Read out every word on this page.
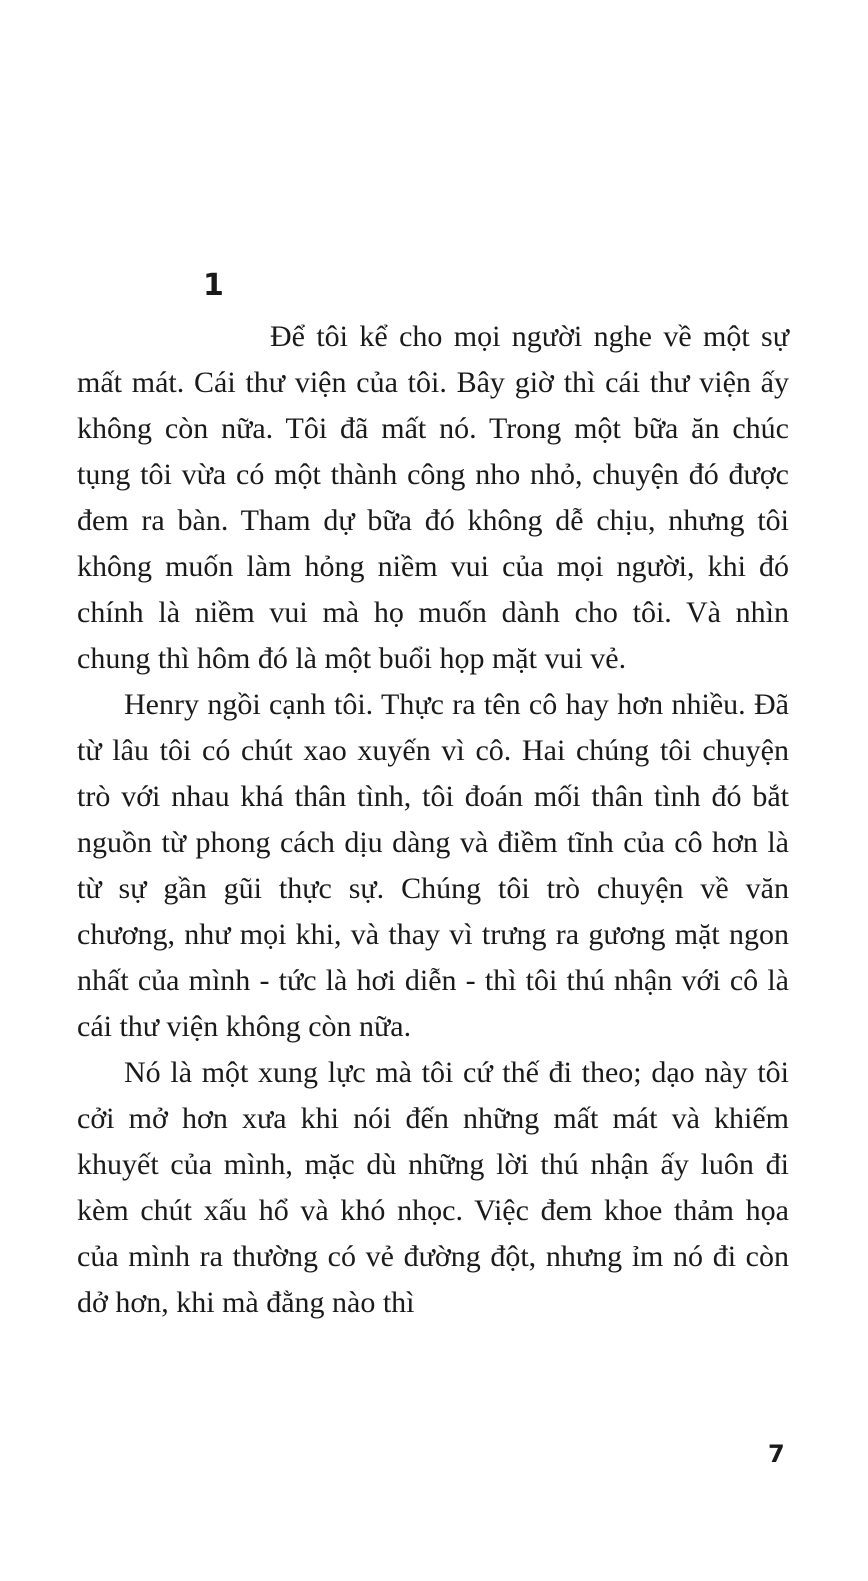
1

Để tôi kể cho mọi người nghe về một sự mất mát. Cái thư viện của tôi. Bây giờ thì cái thư viện ấy không còn nữa. Tôi đã mất nó. Trong một bữa ăn chúc tụng tôi vừa có một thành công nho nhỏ, chuyện đó được đem ra bàn. Tham dự bữa đó không dễ chịu, nhưng tôi không muốn làm hỏng niềm vui của mọi người, khi đó chính là niềm vui mà họ muốn dành cho tôi. Và nhìn chung thì hôm đó là một buổi họp mặt vui vẻ.

Henry ngồi cạnh tôi. Thực ra tên cô hay hơn nhiều. Đã từ lâu tôi có chút xao xuyến vì cô. Hai chúng tôi chuyện trò với nhau khá thân tình, tôi đoán mối thân tình đó bắt nguồn từ phong cách dịu dàng và điềm tĩnh của cô hơn là từ sự gần gũi thực sự. Chúng tôi trò chuyện về văn chương, như mọi khi, và thay vì trưng ra gương mặt ngon nhất của mình - tức là hơi diễn - thì tôi thú nhận với cô là cái thư viện không còn nữa.

Nó là một xung lực mà tôi cứ thế đi theo; dạo này tôi cởi mở hơn xưa khi nói đến những mất mát và khiếm khuyết của mình, mặc dù những lời thú nhận ấy luôn đi kèm chút xấu hổ và khó nhọc. Việc đem khoe thảm họa của mình ra thường có vẻ đường đột, nhưng ỉm nó đi còn dở hơn, khi mà đằng nào thì

7
